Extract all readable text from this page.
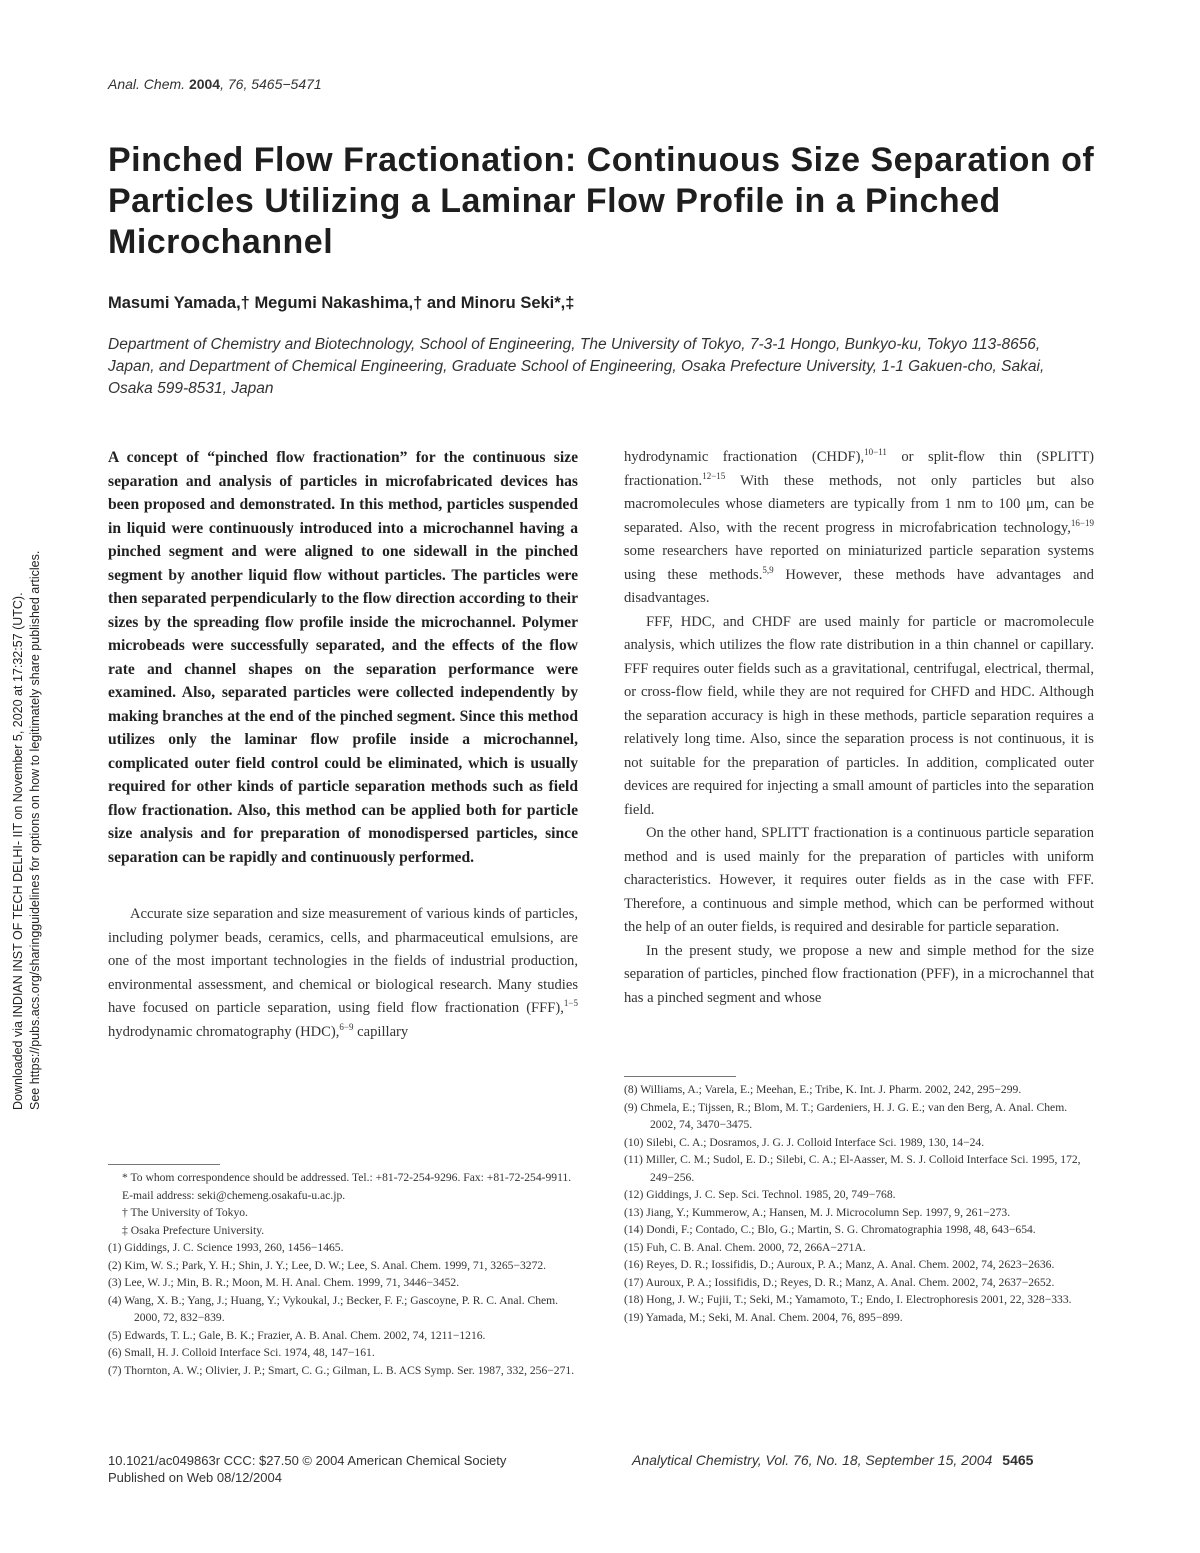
Anal. Chem. 2004, 76, 5465−5471
Pinched Flow Fractionation: Continuous Size Separation of Particles Utilizing a Laminar Flow Profile in a Pinched Microchannel
Masumi Yamada,† Megumi Nakashima,† and Minoru Seki*,‡
Department of Chemistry and Biotechnology, School of Engineering, The University of Tokyo, 7-3-1 Hongo, Bunkyo-ku, Tokyo 113-8656, Japan, and Department of Chemical Engineering, Graduate School of Engineering, Osaka Prefecture University, 1-1 Gakuen-cho, Sakai, Osaka 599-8531, Japan

A concept of “pinched flow fractionation” for the continuous size separation and analysis of particles in microfabricated devices has been proposed and demonstrated. In this method, particles suspended in liquid were continuously introduced into a microchannel having a pinched segment and were aligned to one sidewall in the pinched segment by another liquid flow without particles. The particles were then separated perpendicularly to the flow direction according to their sizes by the spreading flow profile inside the microchannel. Polymer microbeads were successfully separated, and the effects of the flow rate and channel shapes on the separation performance were examined. Also, separated particles were collected independently by making branches at the end of the pinched segment. Since this method utilizes only the laminar flow profile inside a microchannel, complicated outer field control could be eliminated, which is usually required for other kinds of particle separation methods such as field flow fractionation. Also, this method can be applied both for particle size analysis and for preparation of monodispersed particles, since separation can be rapidly and continuously performed.

Accurate size separation and size measurement of various kinds of particles, including polymer beads, ceramics, cells, and pharmaceutical emulsions, are one of the most important technologies in the fields of industrial production, environmental assessment, and chemical or biological research. Many studies have focused on particle separation, using field flow fractionation (FFF),$^{1-5}$ hydrodynamic chromatography (HDC),$^{6-9}$ capillary

hydrodynamic fractionation (CHDF),$^{10-11}$ or split-flow thin (SPLITT) fractionation.$^{12-15}$ With these methods, not only particles but also macromolecules whose diameters are typically from 1 nm to 100 μm, can be separated. Also, with the recent progress in microfabrication technology,$^{16-19}$ some researchers have reported on miniaturized particle separation systems using these methods.$^{5,9}$ However, these methods have advantages and disadvantages.

FFF, HDC, and CHDF are used mainly for particle or macromolecule analysis, which utilizes the flow rate distribution in a thin channel or capillary. FFF requires outer fields such as a gravitational, centrifugal, electrical, thermal, or cross-flow field, while they are not required for CHFD and HDC. Although the separation accuracy is high in these methods, particle separation requires a relatively long time. Also, since the separation process is not continuous, it is not suitable for the preparation of particles. In addition, complicated outer devices are required for injecting a small amount of particles into the separation field.

On the other hand, SPLITT fractionation is a continuous particle separation method and is used mainly for the preparation of particles with uniform characteristics. However, it requires outer fields as in the case with FFF. Therefore, a continuous and simple method, which can be performed without the help of an outer fields, is required and desirable for particle separation.

In the present study, we propose a new and simple method for the size separation of particles, pinched flow fractionation (PFF), in a microchannel that has a pinched segment and whose

* To whom correspondence should be addressed. Tel.: +81-72-254-9296. Fax: +81-72-254-9911. E-mail address: seki@chemeng.osakafu-u.ac.jp.

† The University of Tokyo.

‡ Osaka Prefecture University.

(1) Giddings, J. C. Science 1993, 260, 1456−1465.

(2) Kim, W. S.; Park, Y. H.; Shin, J. Y.; Lee, D. W.; Lee, S. Anal. Chem. 1999, 71, 3265−3272.

(3) Lee, W. J.; Min, B. R.; Moon, M. H. Anal. Chem. 1999, 71, 3446−3452.

(4) Wang, X. B.; Yang, J.; Huang, Y.; Vykoukal, J.; Becker, F. F.; Gascoyne, P. R. C. Anal. Chem. 2000, 72, 832−839.

(5) Edwards, T. L.; Gale, B. K.; Frazier, A. B. Anal. Chem. 2002, 74, 1211−1216.

(6) Small, H. J. Colloid Interface Sci. 1974, 48, 147−161.

(7) Thornton, A. W.; Olivier, J. P.; Smart, C. G.; Gilman, L. B. ACS Symp. Ser. 1987, 332, 256−271.

(8) Williams, A.; Varela, E.; Meehan, E.; Tribe, K. Int. J. Pharm. 2002, 242, 295−299.

(9) Chmela, E.; Tijssen, R.; Blom, M. T.; Gardeniers, H. J. G. E.; van den Berg, A. Anal. Chem. 2002, 74, 3470−3475.

(10) Silebi, C. A.; Dosramos, J. G. J. Colloid Interface Sci. 1989, 130, 14−24.

(11) Miller, C. M.; Sudol, E. D.; Silebi, C. A.; El-Aasser, M. S. J. Colloid Interface Sci. 1995, 172, 249−256.

(12) Giddings, J. C. Sep. Sci. Technol. 1985, 20, 749−768.

(13) Jiang, Y.; Kummerow, A.; Hansen, M. J. Microcolumn Sep. 1997, 9, 261−273.

(14) Dondi, F.; Contado, C.; Blo, G.; Martin, S. G. Chromatographia 1998, 48, 643−654.

(15) Fuh, C. B. Anal. Chem. 2000, 72, 266A−271A.

(16) Reyes, D. R.; Iossifidis, D.; Auroux, P. A.; Manz, A. Anal. Chem. 2002, 74, 2623−2636.

(17) Auroux, P. A.; Iossifidis, D.; Reyes, D. R.; Manz, A. Anal. Chem. 2002, 74, 2637−2652.

(18) Hong, J. W.; Fujii, T.; Seki, M.; Yamamoto, T.; Endo, I. Electrophoresis 2001, 22, 328−333.

(19) Yamada, M.; Seki, M. Anal. Chem. 2004, 76, 895−899.

10.1021/ac049863r CCC: $27.50 © 2004 American Chemical Society
Published on Web 08/12/2004
Analytical Chemistry, Vol. 76, No. 18, September 15, 2004 5465
Downloaded via INDIAN INST OF TECH DELHI- IIT on November 5, 2020 at 17:32:57 (UTC). See https://pubs.acs.org/sharingguidelines for options on how to legitimately share published articles.
